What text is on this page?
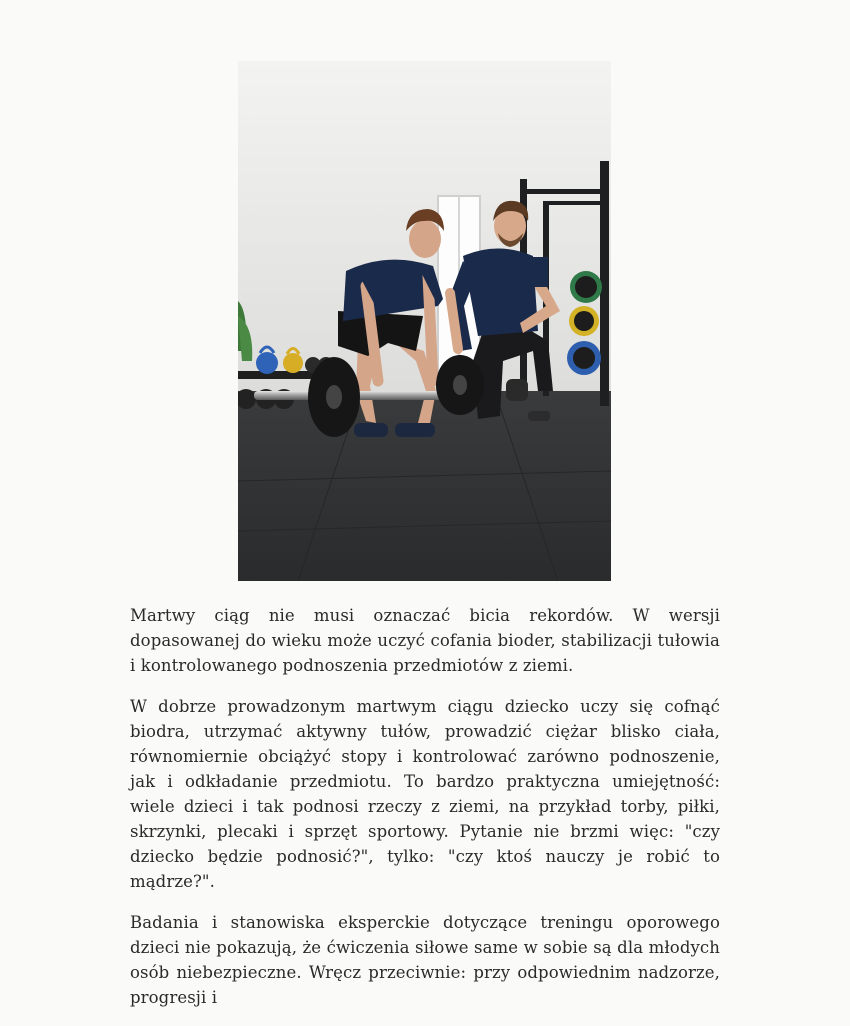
Martwy ciąg nie musi oznaczać bicia rekordów. W wersji dopasowanej do wieku może uczyć cofania bioder, stabilizacji tułowia i kontrolowanego podnoszenia przedmiotów z ziemi.

W dobrze prowadzonym martwym ciągu dziecko uczy się cofnąć biodra, utrzymać aktywny tułów, prowadzić ciężar blisko ciała, równomiernie obciążyć stopy i kontrolować zarówno podnoszenie, jak i odkładanie przedmiotu. To bardzo praktyczna umiejętność: wiele dzieci i tak podnosi rzeczy z ziemi, na przykład torby, piłki, skrzynki, plecaki i sprzęt sportowy. Pytanie nie brzmi więc: "czy dziecko będzie podnosić?", tylko: "czy ktoś nauczy je robić to mądrze?".

Badania i stanowiska eksperckie dotyczące treningu oporowego dzieci nie pokazują, że ćwiczenia siłowe same w sobie są dla młodych osób niebezpieczne. Wręcz przeciwnie: przy odpowiednim nadzorze, progresji i
